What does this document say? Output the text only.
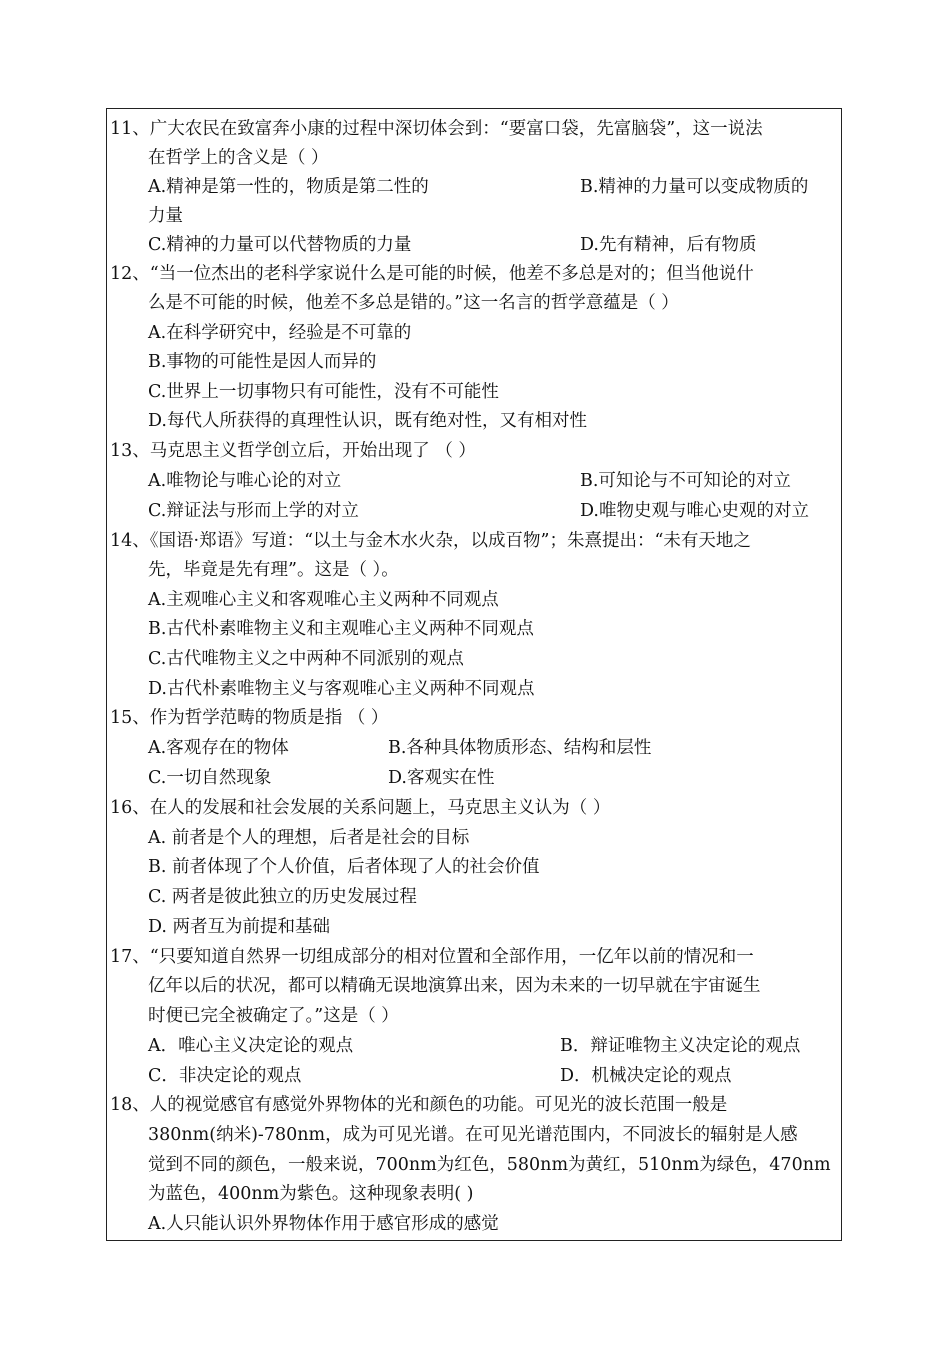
11、广大农民在致富奔小康的过程中深切体会到：“要富口袋，先富脑袋”，这一说法
在哲学上的含义是（ ）
A.精神是第一性的，物质是第二性的	B.精神的力量可以变成物质的
力量
C.精神的力量可以代替物质的力量	D.先有精神，后有物质
12、“当一位杰出的老科学家说什么是可能的时候，他差不多总是对的；但当他说什
么是不可能的时候，他差不多总是错的。”这一名言的哲学意蕴是（ ）
A.在科学研究中，经验是不可靠的
B.事物的可能性是因人而异的
C.世界上一切事物只有可能性，没有不可能性
D.每代人所获得的真理性认识，既有绝对性，又有相对性
13、马克思主义哲学创立后，开始出现了 （ ）
A.唯物论与唯心论的对立	B.可知论与不可知论的对立
C.辩证法与形而上学的对立	D.唯物史观与唯心史观的对立
14、《国语·郑语》写道：“以土与金木水火杂，以成百物”；朱熹提出：“未有天地之
先，毕竟是先有理”。这是（ ）。
A.主观唯心主义和客观唯心主义两种不同观点
B.古代朴素唯物主义和主观唯心主义两种不同观点
C.古代唯物主义之中两种不同派别的观点
D.古代朴素唯物主义与客观唯心主义两种不同观点
15、作为哲学范畴的物质是指 （ ）
A.客观存在的物体	B.各种具体物质形态、结构和层性
C.一切自然现象	D.客观实在性
16、在人的发展和社会发展的关系问题上，马克思主义认为（ ）
A. 前者是个人的理想，后者是社会的目标
B. 前者体现了个人价值，后者体现了人的社会价值
C. 两者是彼此独立的历史发展过程
D. 两者互为前提和基础
17、“只要知道自然界一切组成部分的相对位置和全部作用，一亿年以前的情况和一
亿年以后的状况，都可以精确无误地演算出来，因为未来的一切早就在宇宙诞生
时便已完全被确定了。”这是（ ）
A．唯心主义决定论的观点	B．辩证唯物主义决定论的观点
C．非决定论的观点	D．机械决定论的观点
18、人的视觉感官有感觉外界物体的光和颜色的功能。可见光的波长范围一般是
380nm(纳米)-780nm，成为可见光谱。在可见光谱范围内，不同波长的辐射是人感
觉到不同的颜色，一般来说，700nm为红色，580nm为黄红，510nm为绿色，470nm
为蓝色，400nm为紫色。这种现象表明( )
A.人只能认识外界物体作用于感官形成的感觉
